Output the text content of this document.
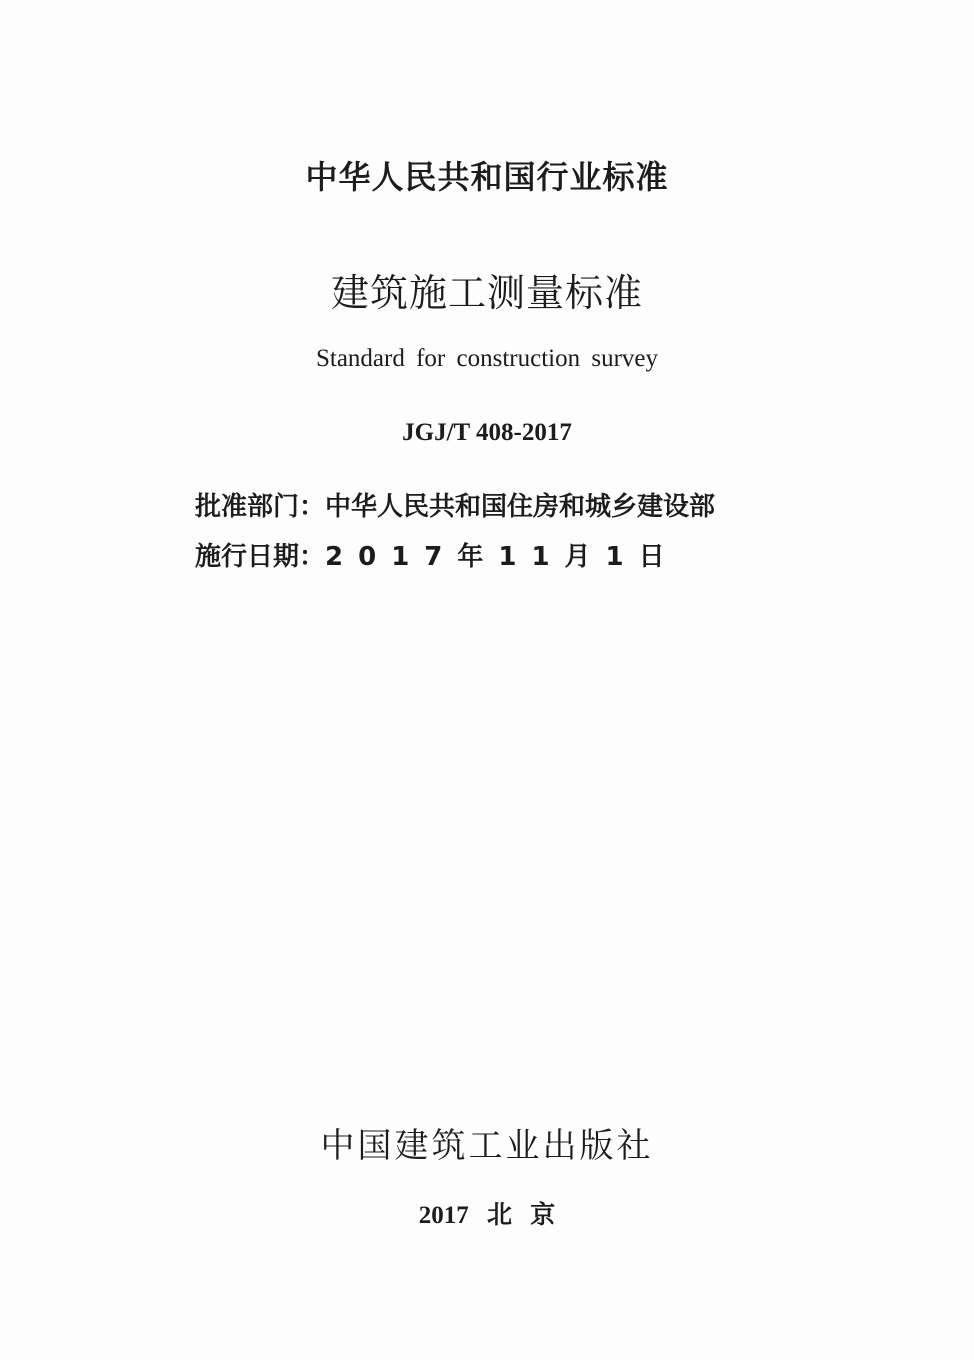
中华人民共和国行业标准
建筑施工测量标准
Standard for construction survey
JGJ/T 408-2017
批准部门：中华人民共和国住房和城乡建设部
施行日期：2017年11月1日
中国建筑工业出版社
2017 北 京
